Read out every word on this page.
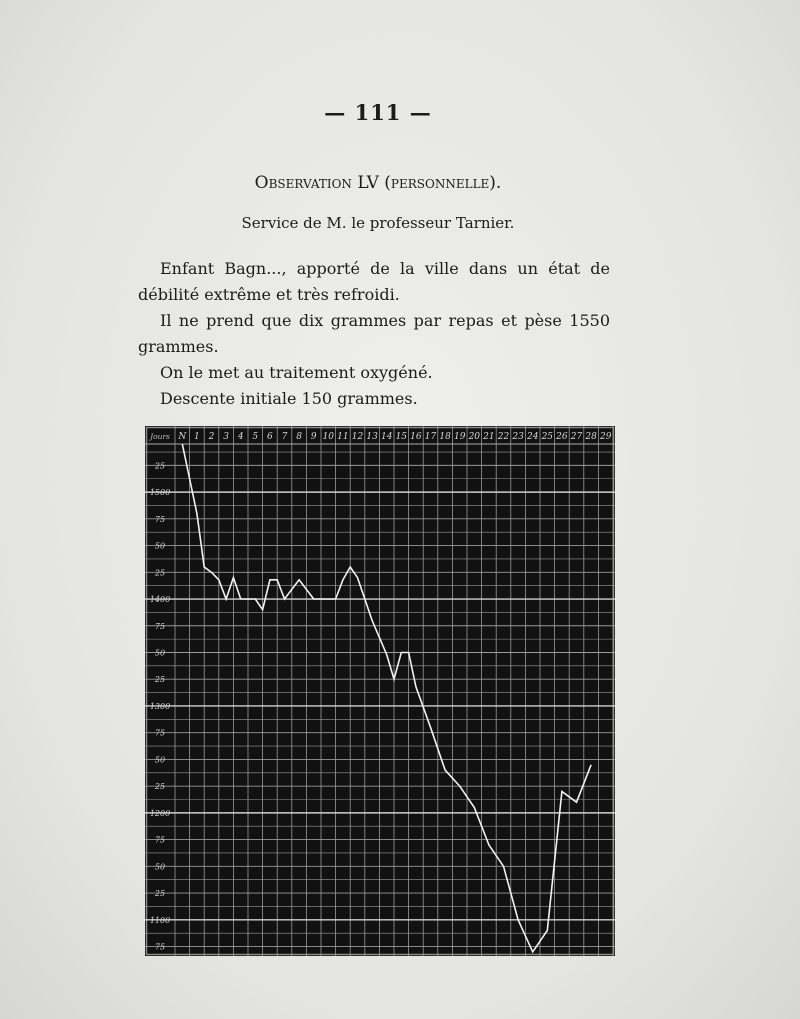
— 111 —
Observation LV (personnelle).
Service de M. le professeur Tarnier.

Enfant Bagn..., apporté de la ville dans un état de débilité extrême et très refroidi.

Il ne prend que dix grammes par repas et pèse 1550 grammes.

On le met au traitement oxygéné.

Descente initiale 150 grammes.

N 1 2 3 4 5 6 7 8 9 10 11 12 13 14 15 16 17 18 19 20 21 22 23 24 25 26 27 28 29
Jours
25
1500
75
50
25
1400
75
50
25
1300
75
50
25
1200
75
50
25
1100
75
